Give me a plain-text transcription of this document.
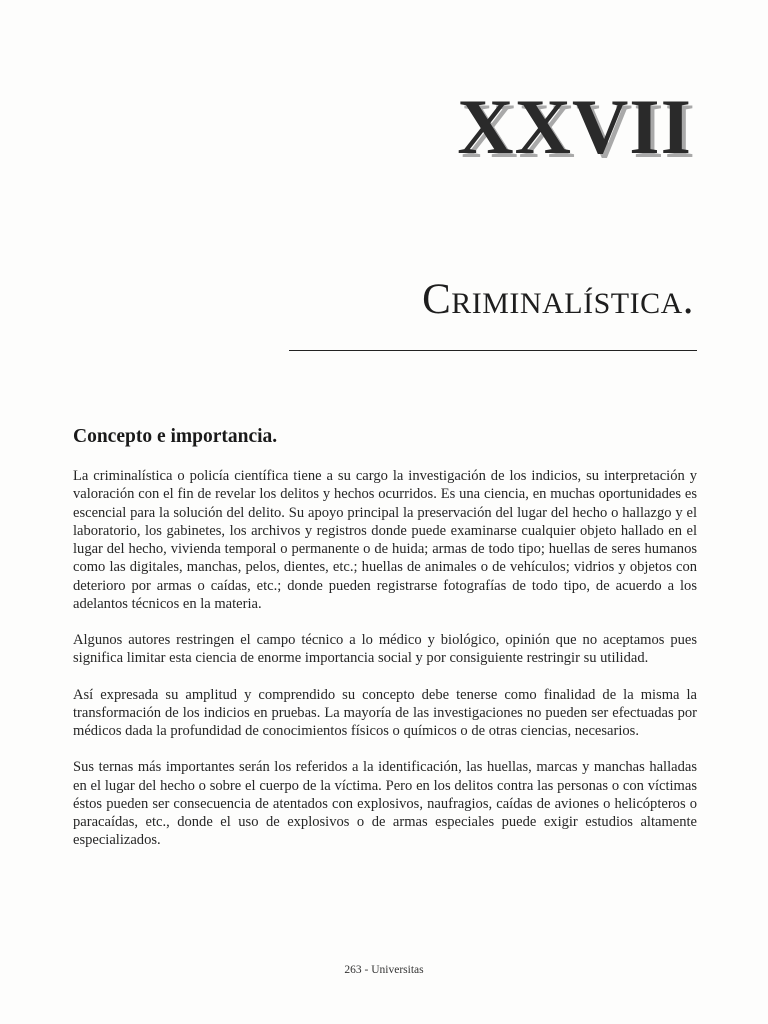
XXVII
Criminalística.
Concepto e importancia.

La criminalística o policía científica tiene a su cargo la investigación de los indicios, su interpretación y valoración con el fin de revelar los delitos y hechos ocurridos. Es una ciencia, en muchas oportunidades es escencial para la solución del delito. Su apoyo principal la preservación del lugar del hecho o hallazgo y el laboratorio, los gabinetes, los archivos y registros donde puede examinarse cualquier objeto hallado en el lugar del hecho, vivienda temporal o permanente o de huida; armas de todo tipo; huellas de seres humanos como las digitales, manchas, pelos, dientes, etc.; huellas de animales o de vehículos; vidrios y objetos con deterioro por armas o caídas, etc.; donde pueden registrarse fotografías de todo tipo, de acuerdo a los adelantos técnicos en la materia.

Algunos autores restringen el campo técnico a lo médico y biológico, opinión que no aceptamos pues significa limitar esta ciencia de enorme importancia social y por consiguiente restringir su utilidad.

Así expresada su amplitud y comprendido su concepto debe tenerse como finalidad de la misma la transformación de los indicios en pruebas. La mayoría de las investigaciones no pueden ser efectuadas por médicos dada la profundidad de conocimientos físicos o químicos o de otras ciencias, necesarios.

Sus ternas más importantes serán los referidos a la identificación, las huellas, marcas y manchas halladas en el lugar del hecho o sobre el cuerpo de la víctima. Pero en los delitos contra las personas o con víctimas éstos pueden ser consecuencia de atentados con explosivos, naufragios, caídas de aviones o helicópteros o paracaídas, etc., donde el uso de explosivos o de armas especiales puede exigir estudios altamente especializados.

263 - Universitas
